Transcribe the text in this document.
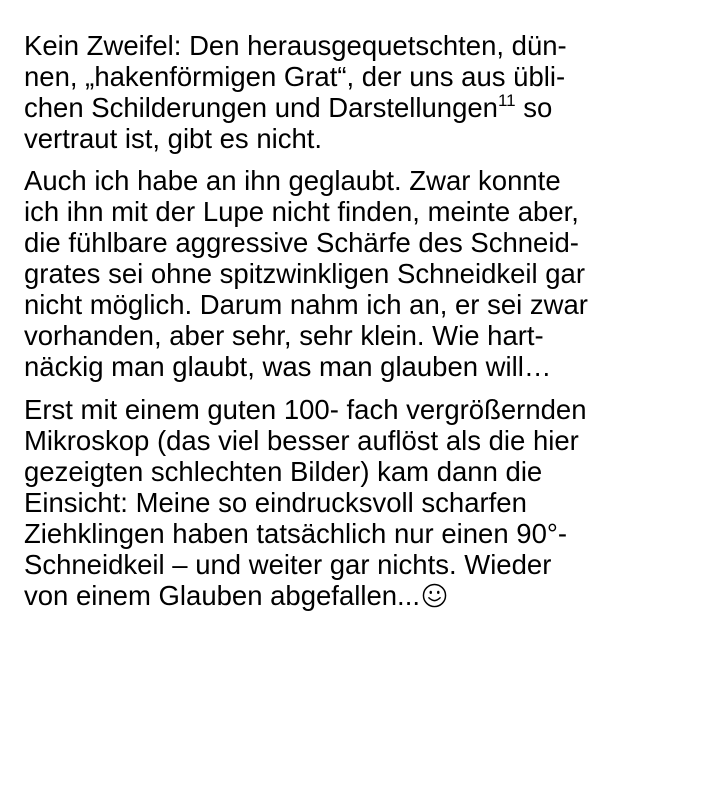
Kein Zweifel: Den herausgequetschten, dün-
nen, „hakenförmigen Grat“, der uns aus übli-
chen Schilderungen und Darstellungen$^{11}$ so
vertraut ist, gibt es nicht.

Auch ich habe an ihn geglaubt. Zwar konnte
ich ihn mit der Lupe nicht finden, meinte aber,
die fühlbare aggressive Schärfe des Schneid-
grates sei ohne spitzwinkligen Schneidkeil gar
nicht möglich. Darum nahm ich an, er sei zwar
vorhanden, aber sehr, sehr klein. Wie hart-
näckig man glaubt, was man glauben will…

Erst mit einem guten 100- fach vergrößernden
Mikroskop (das viel besser auflöst als die hier
gezeigten schlechten Bilder) kam dann die
Einsicht: Meine so eindrucksvoll scharfen
Ziehklingen haben tatsächlich nur einen 90°-
Schneidkeil – und weiter gar nichts. Wieder
von einem Glauben abgefallen...
